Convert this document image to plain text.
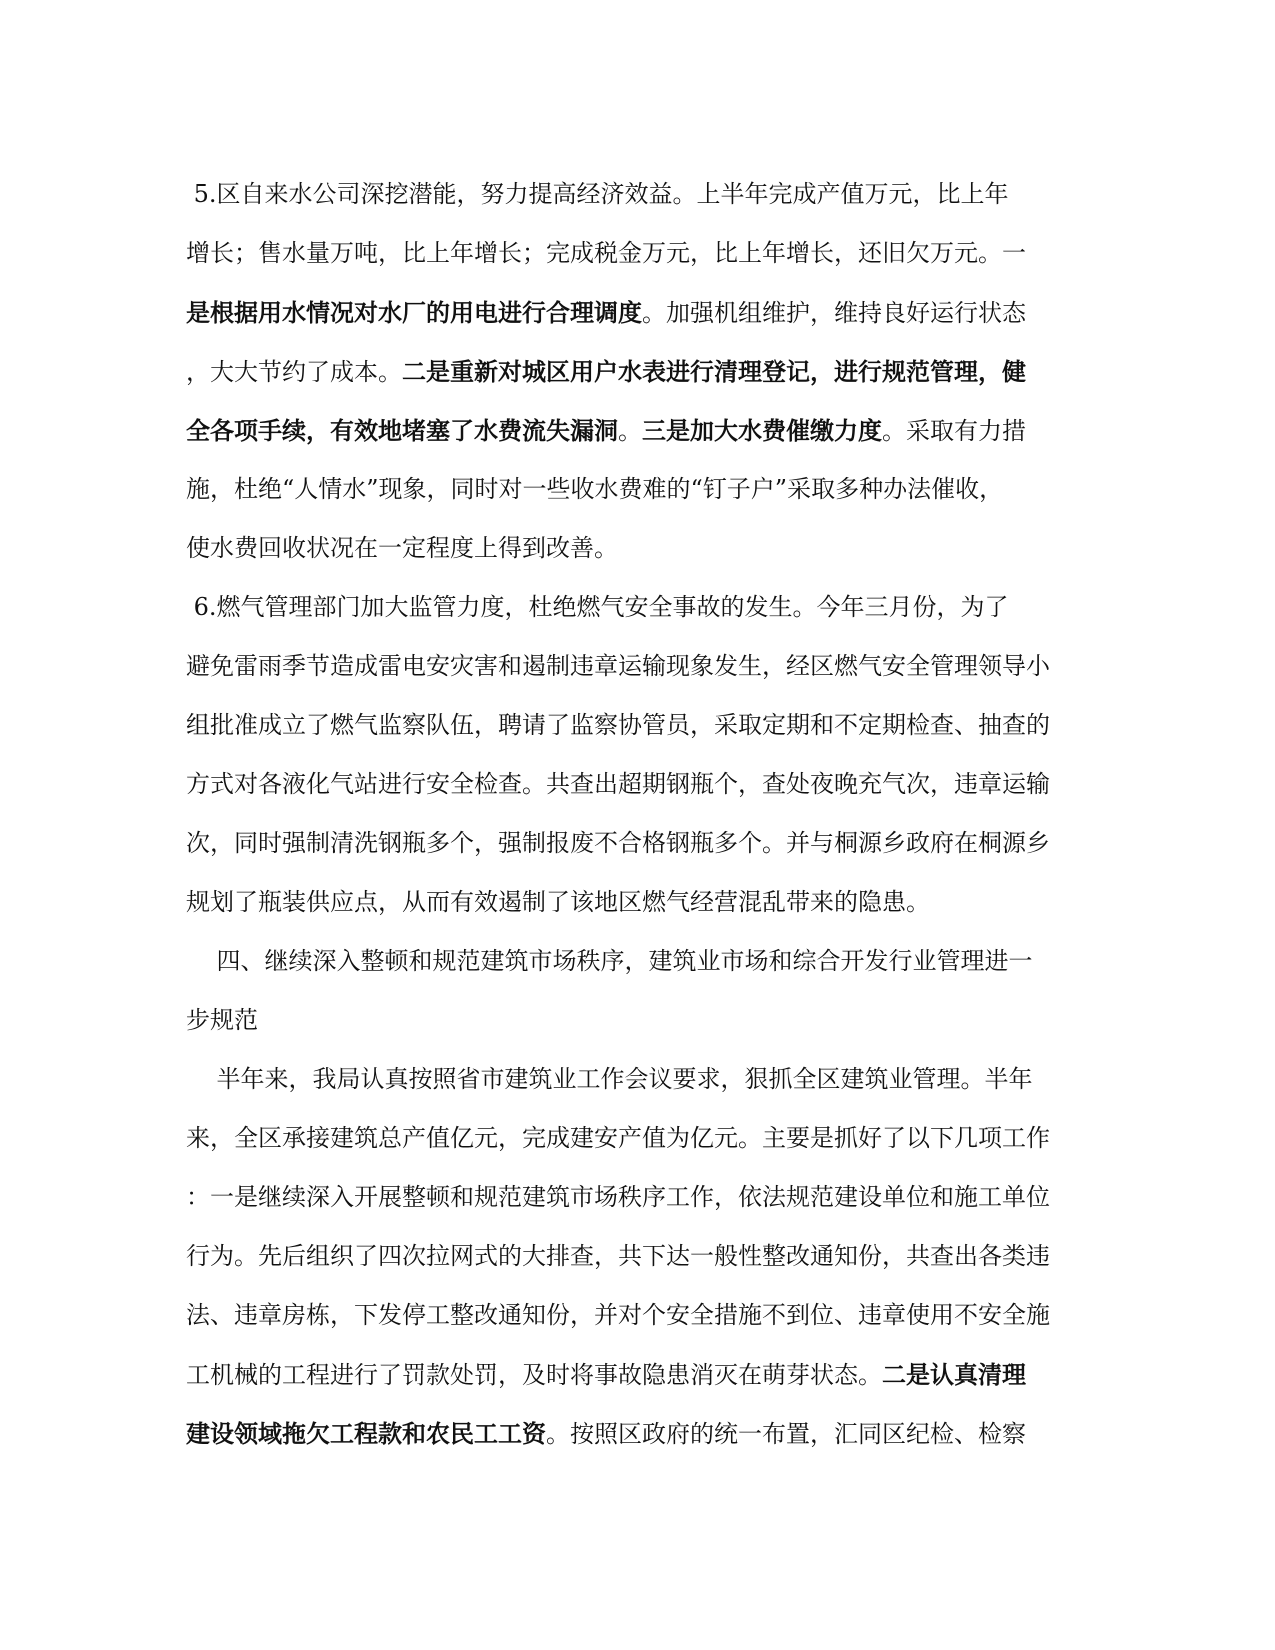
5.区自来水公司深挖潜能，努力提高经济效益。上半年完成产值万元，比上年
增长；售水量万吨，比上年增长；完成税金万元，比上年增长，还旧欠万元。一
是根据用水情况对水厂的用电进行合理调度。加强机组维护，维持良好运行状态
，大大节约了成本。二是重新对城区用户水表进行清理登记，进行规范管理，健
全各项手续，有效地堵塞了水费流失漏洞。三是加大水费催缴力度。采取有力措
施，杜绝“人情水”现象，同时对一些收水费难的“钉子户”采取多种办法催收，
使水费回收状况在一定程度上得到改善。
6.燃气管理部门加大监管力度，杜绝燃气安全事故的发生。今年三月份，为了
避免雷雨季节造成雷电安灾害和遏制违章运输现象发生，经区燃气安全管理领导小
组批准成立了燃气监察队伍，聘请了监察协管员，采取定期和不定期检查、抽查的
方式对各液化气站进行安全检查。共查出超期钢瓶个，查处夜晚充气次，违章运输
次，同时强制清洗钢瓶多个，强制报废不合格钢瓶多个。并与桐源乡政府在桐源乡
规划了瓶装供应点，从而有效遏制了该地区燃气经营混乱带来的隐患。
四、继续深入整顿和规范建筑市场秩序，建筑业市场和综合开发行业管理进一
步规范
半年来，我局认真按照省市建筑业工作会议要求，狠抓全区建筑业管理。半年
来，全区承接建筑总产值亿元，完成建安产值为亿元。主要是抓好了以下几项工作
：一是继续深入开展整顿和规范建筑市场秩序工作，依法规范建设单位和施工单位
行为。先后组织了四次拉网式的大排查，共下达一般性整改通知份，共查出各类违
法、违章房栋，下发停工整改通知份，并对个安全措施不到位、违章使用不安全施
工机械的工程进行了罚款处罚，及时将事故隐患消灭在萌芽状态。二是认真清理
建设领域拖欠工程款和农民工工资。按照区政府的统一布置，汇同区纪检、检察
